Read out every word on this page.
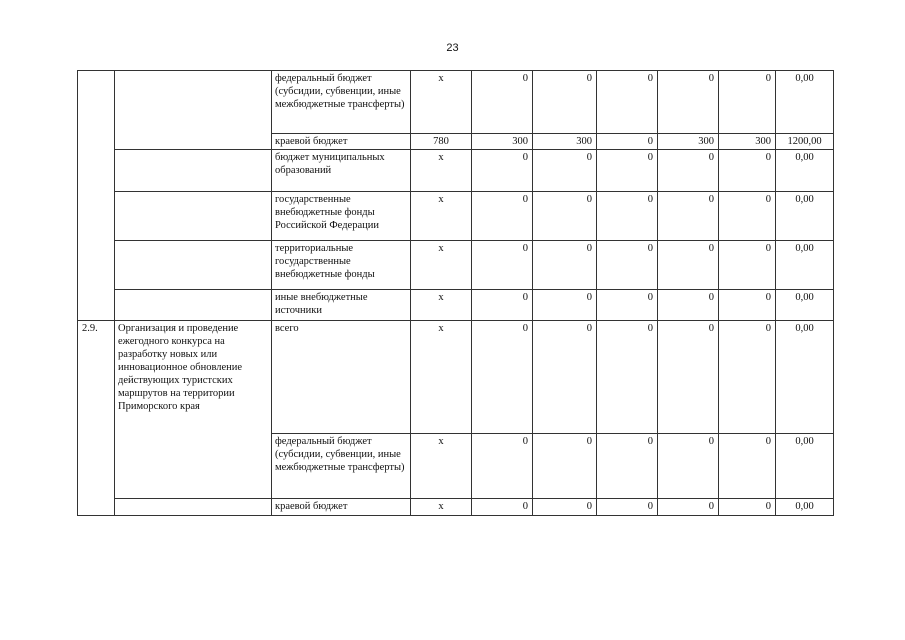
23
		федеральный бюджет (субсидии, субвенции, иные межбюджетные трансферты)	х	0	0	0	0	0	0,00
		краевой бюджет	780	300	300	0	300	300	1200,00
		бюджет муниципальных образований	х	0	0	0	0	0	0,00
		государственные внебюджетные фонды Российской Федерации	х	0	0	0	0	0	0,00
		территориальные государственные внебюджетные фонды	х	0	0	0	0	0	0,00
		иные внебюджетные источники	х	0	0	0	0	0	0,00
2.9.	Организация и проведение ежегодного конкурса на разработку новых или инновационное обновление действующих туристских маршрутов на территории Приморского края	всего	х	0	0	0	0	0	0,00
		федеральный бюджет (субсидии, субвенции, иные межбюджетные трансферты)	х	0	0	0	0	0	0,00
		краевой бюджет	х	0	0	0	0	0	0,00
